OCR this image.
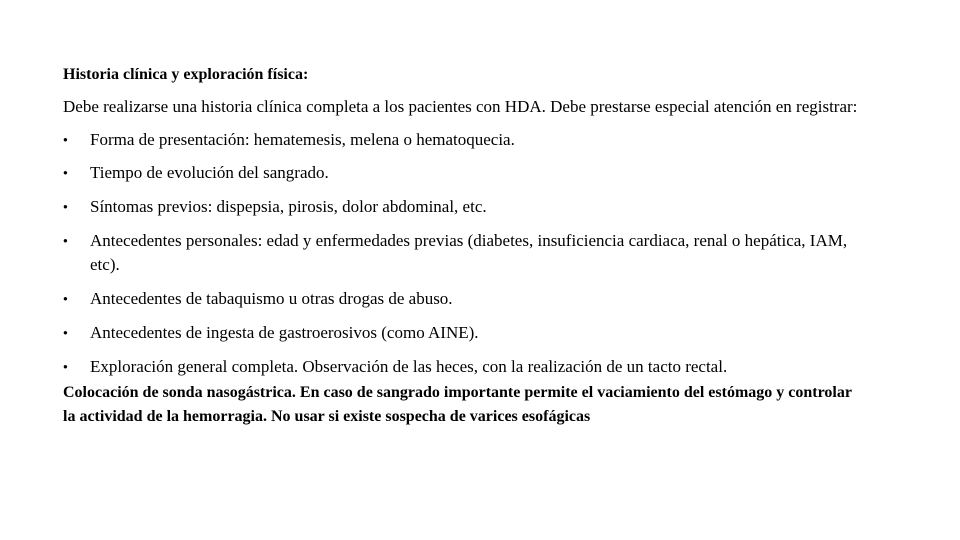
Historia clínica y exploración física:

Debe realizarse una historia clínica completa a los pacientes con HDA. Debe prestarse especial atención en registrar:

● Forma de presentación: hematemesis, melena o hematoquecia.
● Tiempo de evolución del sangrado.
● Síntomas previos: dispepsia, pirosis, dolor abdominal, etc.
● Antecedentes personales: edad y enfermedades previas (diabetes, insuficiencia cardiaca, renal o hepática, IAM, etc).
● Antecedentes de tabaquismo u otras drogas de abuso.
● Antecedentes de ingesta de gastroerosivos (como AINE).
● Exploración general completa. Observación de las heces, con la realización de un tacto rectal.

Colocación de sonda nasogástrica. En caso de sangrado importante permite el vaciamiento del estómago y controlar la actividad de la hemorragia. No usar si existe sospecha de varices esofágicas
